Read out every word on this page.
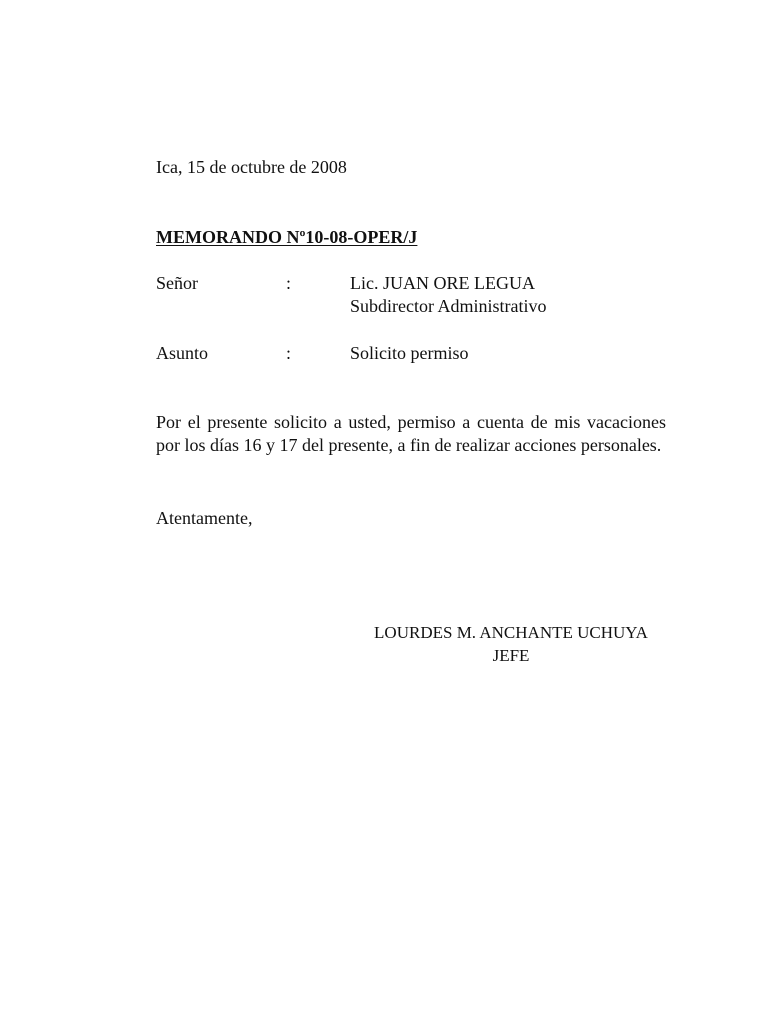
Ica, 15 de octubre de 2008
MEMORANDO Nº10-08-OPER/J
Señor	:	Lic. JUAN ORE LEGUA
Subdirector Administrativo
Asunto	:	Solicito permiso
Por el presente solicito a usted, permiso a cuenta de mis vacaciones por los días 16 y 17 del presente, a fin de realizar acciones personales.
Atentamente,
LOURDES M. ANCHANTE UCHUYA
JEFE
